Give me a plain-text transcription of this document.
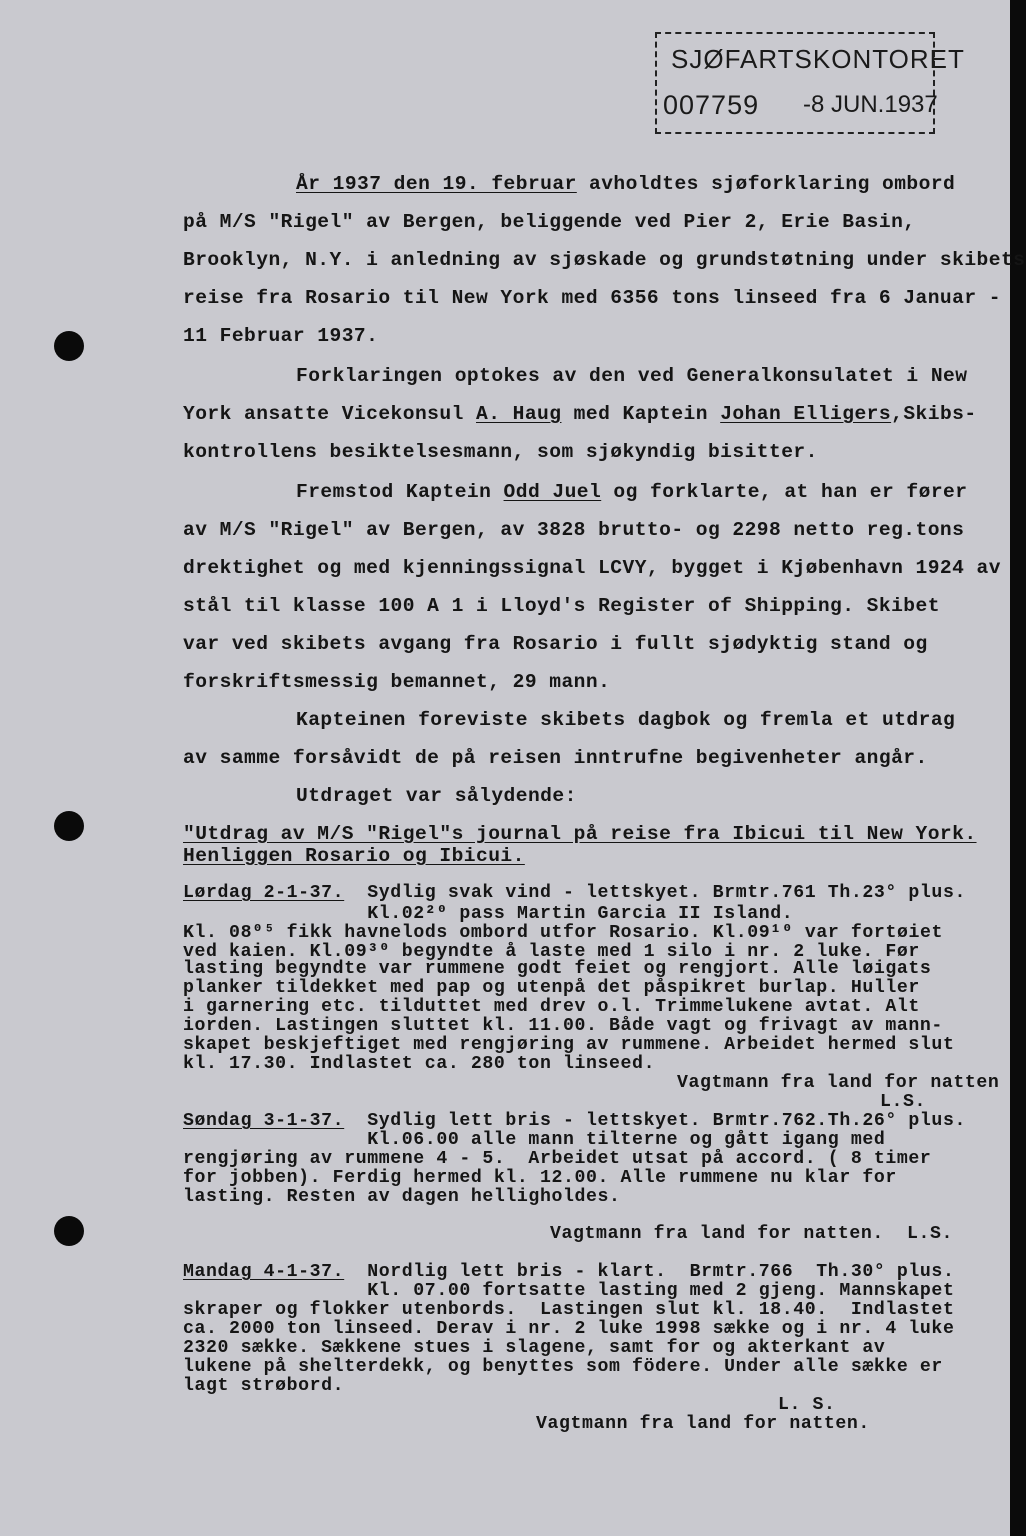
SJØFARTSKONTORET
007759 -8 JUN.1937
År 1937 den 19. februar avholdtes sjøforklaring ombord
på M/S "Rigel" av Bergen, beliggende ved Pier 2, Erie Basin,
Brooklyn, N.Y. i anledning av sjøskade og grundstøtning under skibets
reise fra Rosario til New York med 6356 tons linseed fra 6 Januar -
11 Februar 1937.
Forklaringen optokes av den ved Generalkonsulatet i New
York ansatte Vicekonsul A. Haug med Kaptein Johan Elligers,Skibs-
kontrollens besiktelsesmann, som sjøkyndig bisitter.
Fremstod Kaptein Odd Juel og forklarte, at han er fører
av M/S "Rigel" av Bergen, av 3828 brutto- og 2298 netto reg.tons
drektighet og med kjenningssignal LCVY, bygget i Kjøbenhavn 1924 av
stål til klasse 100 A 1 i Lloyd's Register of Shipping. Skibet
var ved skibets avgang fra Rosario i fullt sjødyktig stand og
forskriftsmessig bemannet, 29 mann.
Kapteinen foreviste skibets dagbok og fremla et utdrag
av samme forsåvidt de på reisen inntrufne begivenheter angår.
Utdraget var sålydende:
"Utdrag av M/S "Rigel"s journal på reise fra Ibicui til New York.
Henliggen Rosario og Ibicui.
Lørdag 2-1-37.  Sydlig svak vind - lettskyet. Brmtr.761 Th.23° plus.
Kl.02²⁰ pass Martin Garcia II Island.
Kl. 08⁰⁵ fikk havnelods ombord utfor Rosario. Kl.09¹⁰ var fortøiet
ved kaien. Kl.09³⁰ begyndte å laste med 1 silo i nr. 2 luke. Før
lasting begyndte var rummene godt feiet og rengjort. Alle løigats
planker tildekket med pap og utenpå det påspikret burlap. Huller
i garnering etc. tilduttet med drev o.l. Trimmelukene avtat. Alt
iorden. Lastingen sluttet kl. 11.00. Både vagt og frivagt av mann-
skapet beskjeftiget med rengjøring av rummene. Arbeidet hermed slut
kl. 17.30. Indlastet ca. 280 ton linseed.
Vagtmann fra land for natten
L.S.
Søndag 3-1-37.  Sydlig lett bris - lettskyet. Brmtr.762.Th.26° plus.
Kl.06.00 alle mann tilterne og gått igang med
rengjøring av rummene 4 - 5.  Arbeidet utsat på accord. ( 8 timer
for jobben). Ferdig hermed kl. 12.00. Alle rummene nu klar for
lasting. Resten av dagen helligholdes.
Vagtmann fra land for natten.  L.S.
Mandag 4-1-37.  Nordlig lett bris - klart.  Brmtr.766  Th.30° plus.
Kl. 07.00 fortsatte lasting med 2 gjeng. Mannskapet
skraper og flokker utenbords.  Lastingen slut kl. 18.40.  Indlastet
ca. 2000 ton linseed. Derav i nr. 2 luke 1998 sække og i nr. 4 luke
2320 sække. Sækkene stues i slagene, samt for og akterkant av
lukene på shelterdekk, og benyttes som födere. Under alle sække er
lagt strøbord.
L. S.
Vagtmann fra land for natten.
